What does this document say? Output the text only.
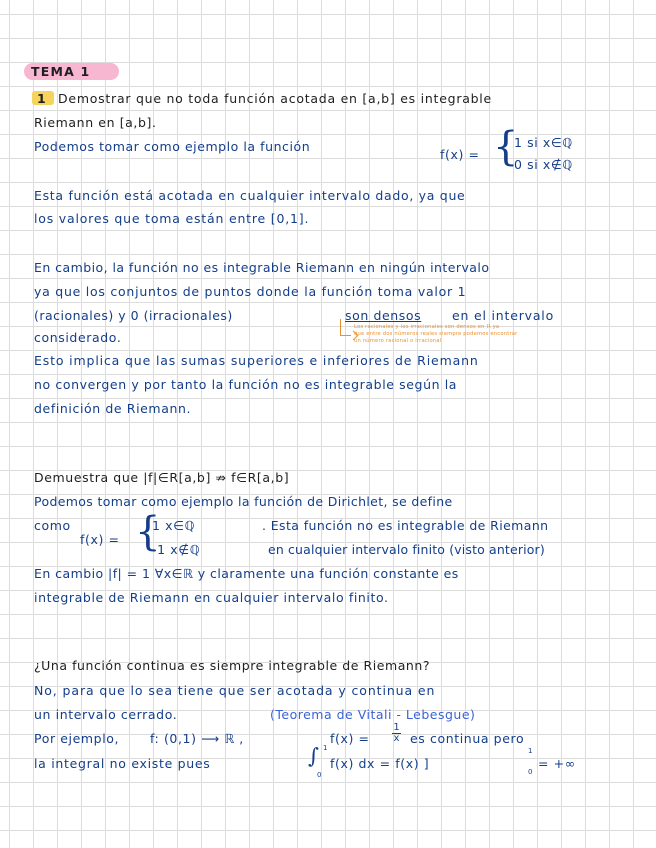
TEMA 1
1 Demostrar que no toda función acotada en [a,b] es integrable
Riemann en [a,b].
Podemos tomar como ejemplo la función
f(x) = {
1 si x∈ℚ
0 si x∉ℚ
Esta función está acotada en cualquier intervalo dado, ya que
los valores que toma están entre [0,1].
En cambio, la función no es integrable Riemann en ningún intervalo
ya que los conjuntos de puntos donde la función toma valor 1
(racionales) y 0 (irracionales)	son densos en el intervalo
considerado.
Los racionales y los irracionales son densos en ℝ ya
que entre dos números reales siempre podemos encontrar
un número racional o irracional
Esto implica que las sumas superiores e inferiores de Riemann
no convergen y por tanto la función no es integrable según la
definición de Riemann.
Demuestra que |f|∈R[a,b] ⇏ f∈R[a,b]
Podemos tomar como ejemplo la función de Dirichlet, se define
como
f(x) = {
1 x∈ℚ
-1 x∉ℚ
. Esta función no es integrable de Riemann
en cualquier intervalo finito (visto anterior)
En cambio |f| = 1 ∀x∈ℝ y claramente una función constante es
integrable de Riemann en cualquier intervalo finito.
¿Una función continua es siempre integrable de Riemann?
No, para que lo sea tiene que ser acotada y continua en
un intervalo cerrado.	(Teorema de Vitali - Lebesgue)
Por ejemplo, f: (0,1) ⟶ ℝ ,	f(x) =
1
x es continua pero
la integral no existe pues	∫ 1
0
f(x) dx = f(x) ]
1
0
= +∞
